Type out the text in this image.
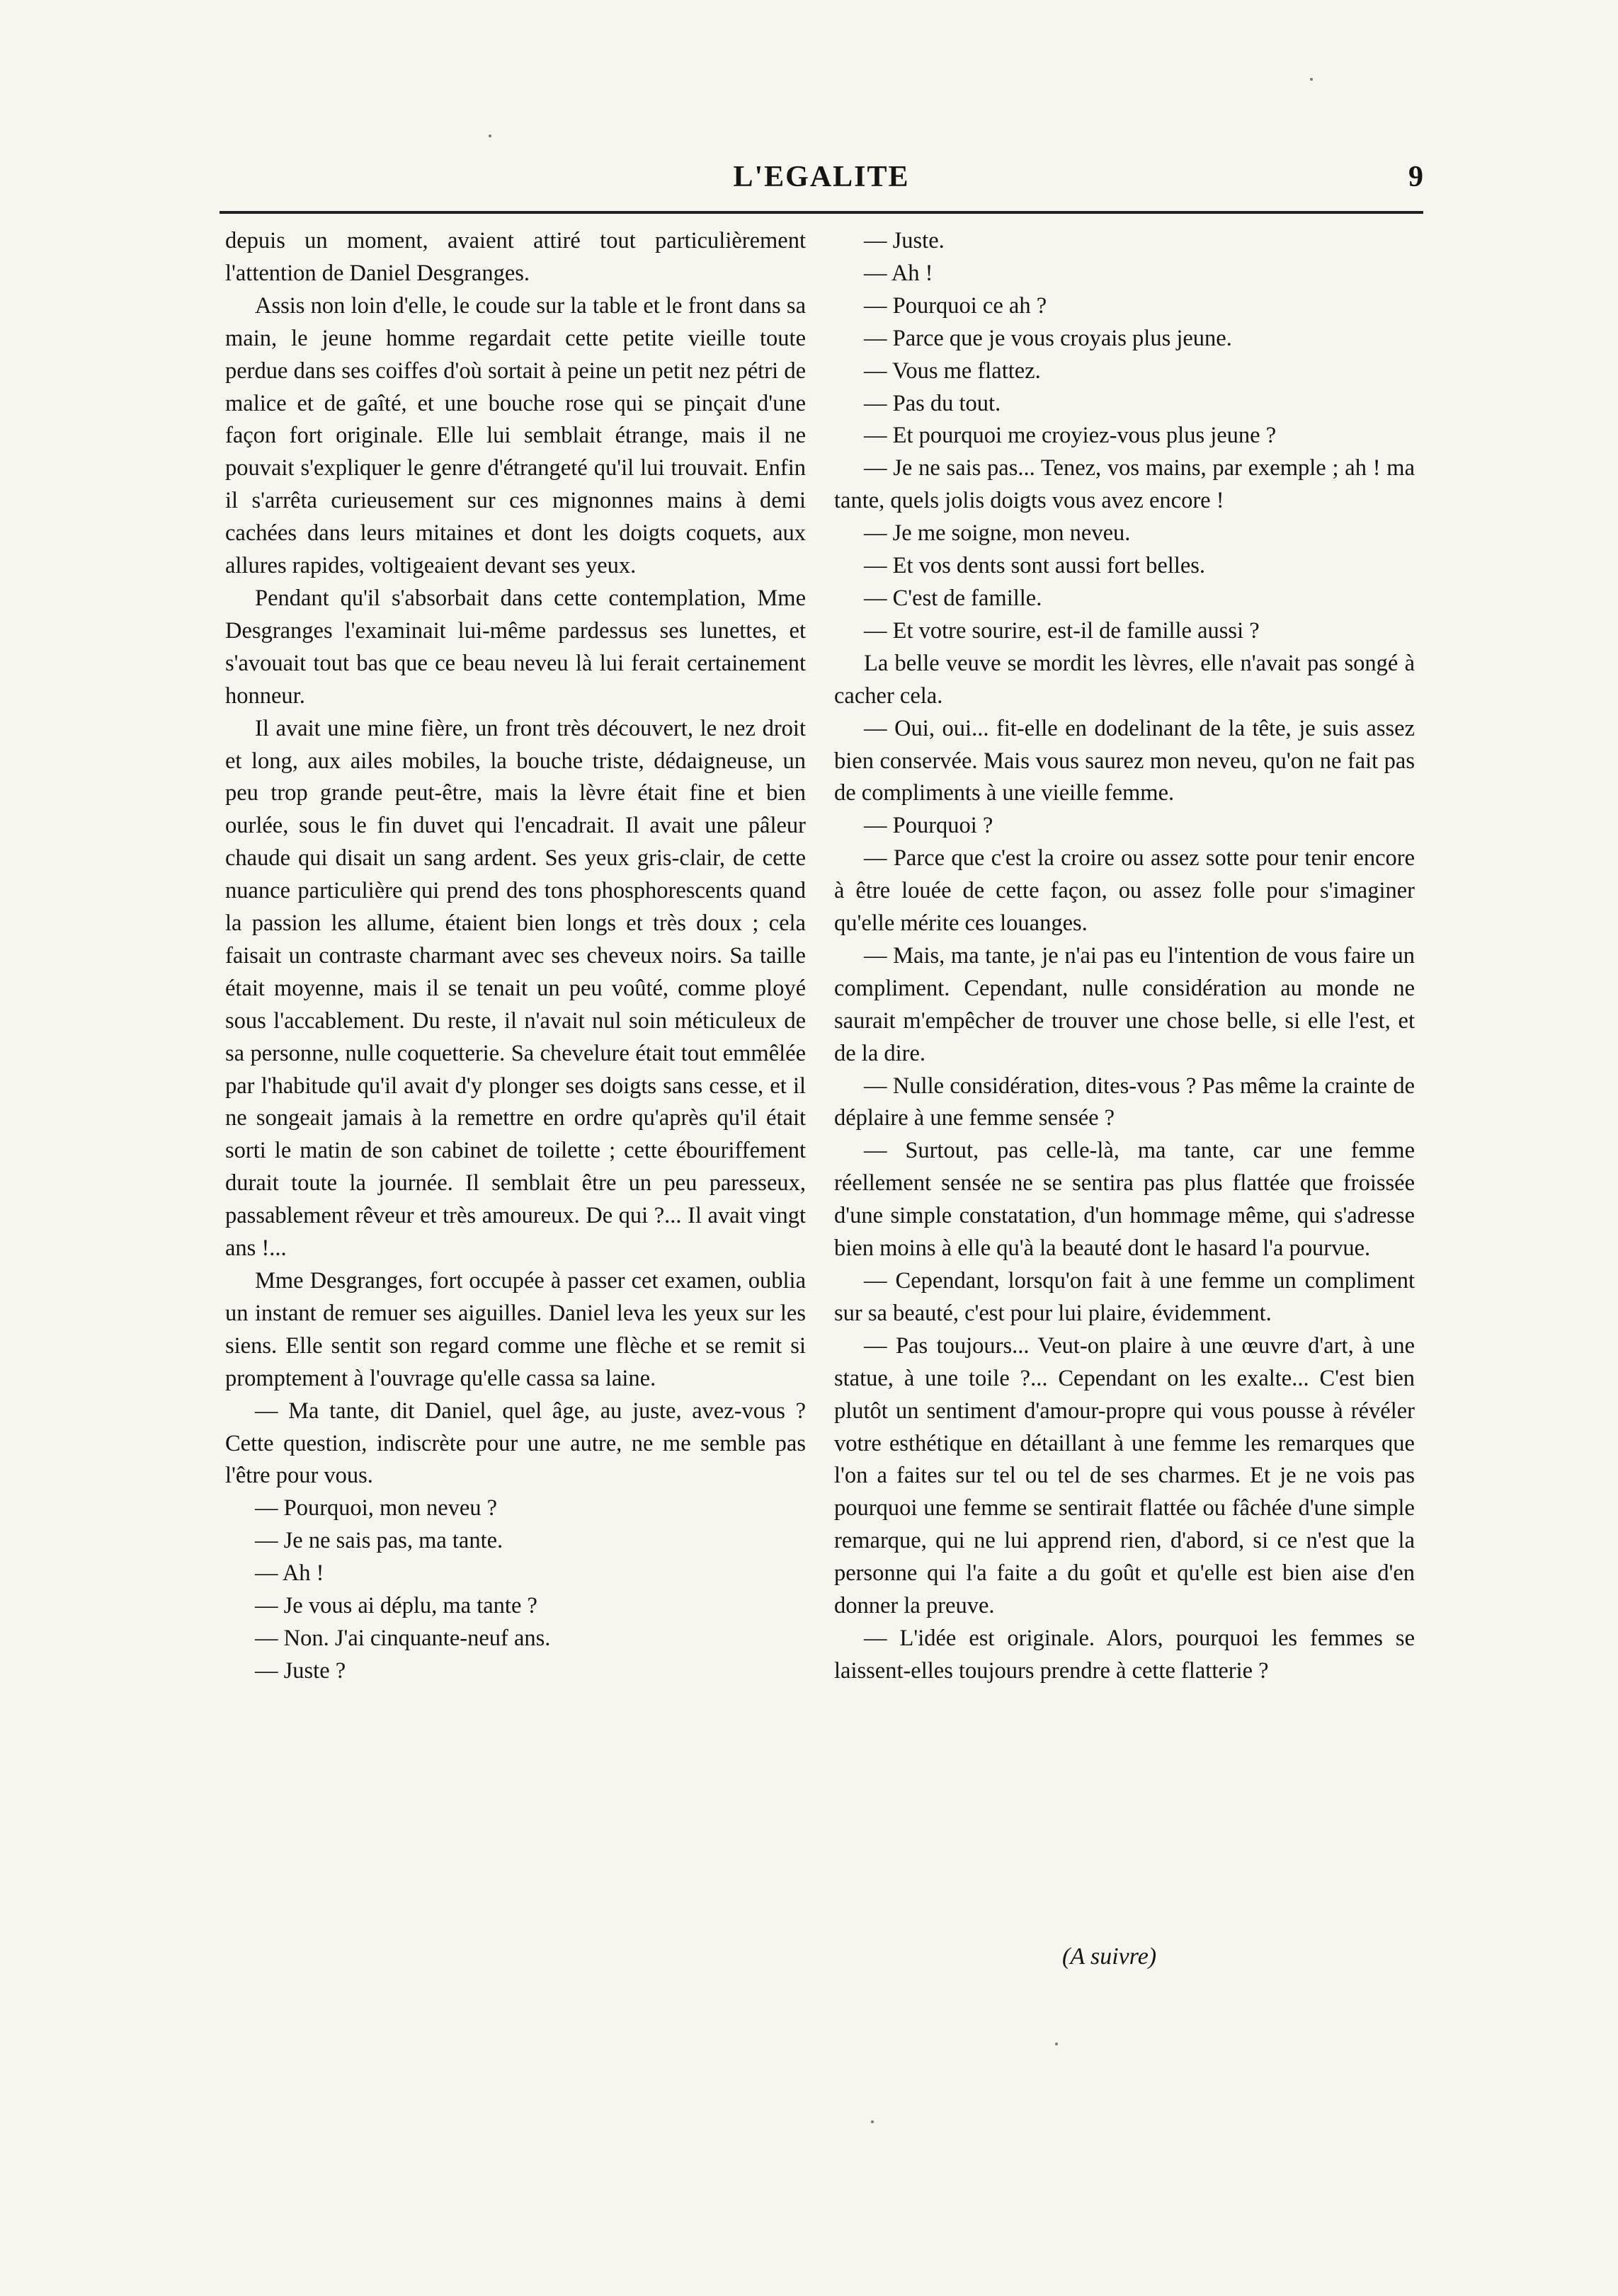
L'EGALITE	9

depuis un moment, avaient attiré tout particulièrement l'attention de Daniel Desgranges.

Assis non loin d'elle, le coude sur la table et le front dans sa main, le jeune homme regardait cette petite vieille toute perdue dans ses coiffes d'où sortait à peine un petit nez pétri de malice et de gaîté, et une bouche rose qui se pinçait d'une façon fort originale. Elle lui semblait étrange, mais il ne pouvait s'expliquer le genre d'étrangeté qu'il lui trouvait. Enfin il s'arrêta curieusement sur ces mignonnes mains à demi cachées dans leurs mitaines et dont les doigts coquets, aux allures rapides, voltigeaient devant ses yeux.

Pendant qu'il s'absorbait dans cette contemplation, Mme Desgranges l'examinait lui-même pardessus ses lunettes, et s'avouait tout bas que ce beau neveu là lui ferait certainement honneur.

Il avait une mine fière, un front très découvert, le nez droit et long, aux ailes mobiles, la bouche triste, dédaigneuse, un peu trop grande peut-être, mais la lèvre était fine et bien ourlée, sous le fin duvet qui l'encadrait. Il avait une pâleur chaude qui disait un sang ardent. Ses yeux gris-clair, de cette nuance particulière qui prend des tons phosphorescents quand la passion les allume, étaient bien longs et très doux ; cela faisait un contraste charmant avec ses cheveux noirs. Sa taille était moyenne, mais il se tenait un peu voûté, comme ployé sous l'accablement. Du reste, il n'avait nul soin méticuleux de sa personne, nulle coquetterie. Sa chevelure était tout emmêlée par l'habitude qu'il avait d'y plonger ses doigts sans cesse, et il ne songeait jamais à la remettre en ordre qu'après qu'il était sorti le matin de son cabinet de toilette ; cette ébouriffement durait toute la journée. Il semblait être un peu paresseux, passablement rêveur et très amoureux. De qui ?... Il avait vingt ans !...

Mme Desgranges, fort occupée à passer cet examen, oublia un instant de remuer ses aiguilles. Daniel leva les yeux sur les siens. Elle sentit son regard comme une flèche et se remit si promptement à l'ouvrage qu'elle cassa sa laine.

— Ma tante, dit Daniel, quel âge, au juste, avez-vous ? Cette question, indiscrète pour une autre, ne me semble pas l'être pour vous.

— Pourquoi, mon neveu ?

— Je ne sais pas, ma tante.

— Ah !

— Je vous ai déplu, ma tante ?

— Non. J'ai cinquante-neuf ans.

— Juste ?

— Juste.

— Ah !

— Pourquoi ce ah ?

— Parce que je vous croyais plus jeune.

— Vous me flattez.

— Pas du tout.

— Et pourquoi me croyiez-vous plus jeune ?

— Je ne sais pas... Tenez, vos mains, par exemple ; ah ! ma tante, quels jolis doigts vous avez encore !

— Je me soigne, mon neveu.

— Et vos dents sont aussi fort belles.

— C'est de famille.

— Et votre sourire, est-il de famille aussi ?

La belle veuve se mordit les lèvres, elle n'avait pas songé à cacher cela.

— Oui, oui... fit-elle en dodelinant de la tête, je suis assez bien conservée. Mais vous saurez mon neveu, qu'on ne fait pas de compliments à une vieille femme.

— Pourquoi ?

— Parce que c'est la croire ou assez sotte pour tenir encore à être louée de cette façon, ou assez folle pour s'imaginer qu'elle mérite ces louanges.

— Mais, ma tante, je n'ai pas eu l'intention de vous faire un compliment. Cependant, nulle considération au monde ne saurait m'empêcher de trouver une chose belle, si elle l'est, et de la dire.

— Nulle considération, dites-vous ? Pas même la crainte de déplaire à une femme sensée ?

— Surtout, pas celle-là, ma tante, car une femme réellement sensée ne se sentira pas plus flattée que froissée d'une simple constatation, d'un hommage même, qui s'adresse bien moins à elle qu'à la beauté dont le hasard l'a pourvue.

— Cependant, lorsqu'on fait à une femme un compliment sur sa beauté, c'est pour lui plaire, évidemment.

— Pas toujours... Veut-on plaire à une œuvre d'art, à une statue, à une toile ?... Cependant on les exalte... C'est bien plutôt un sentiment d'amour-propre qui vous pousse à révéler votre esthétique en détaillant à une femme les remarques que l'on a faites sur tel ou tel de ses charmes. Et je ne vois pas pourquoi une femme se sentirait flattée ou fâchée d'une simple remarque, qui ne lui apprend rien, d'abord, si ce n'est que la personne qui l'a faite a du goût et qu'elle est bien aise d'en donner la preuve.

— L'idée est originale. Alors, pourquoi les femmes se laissent-elles toujours prendre à cette flatterie ?

(A suivre)
